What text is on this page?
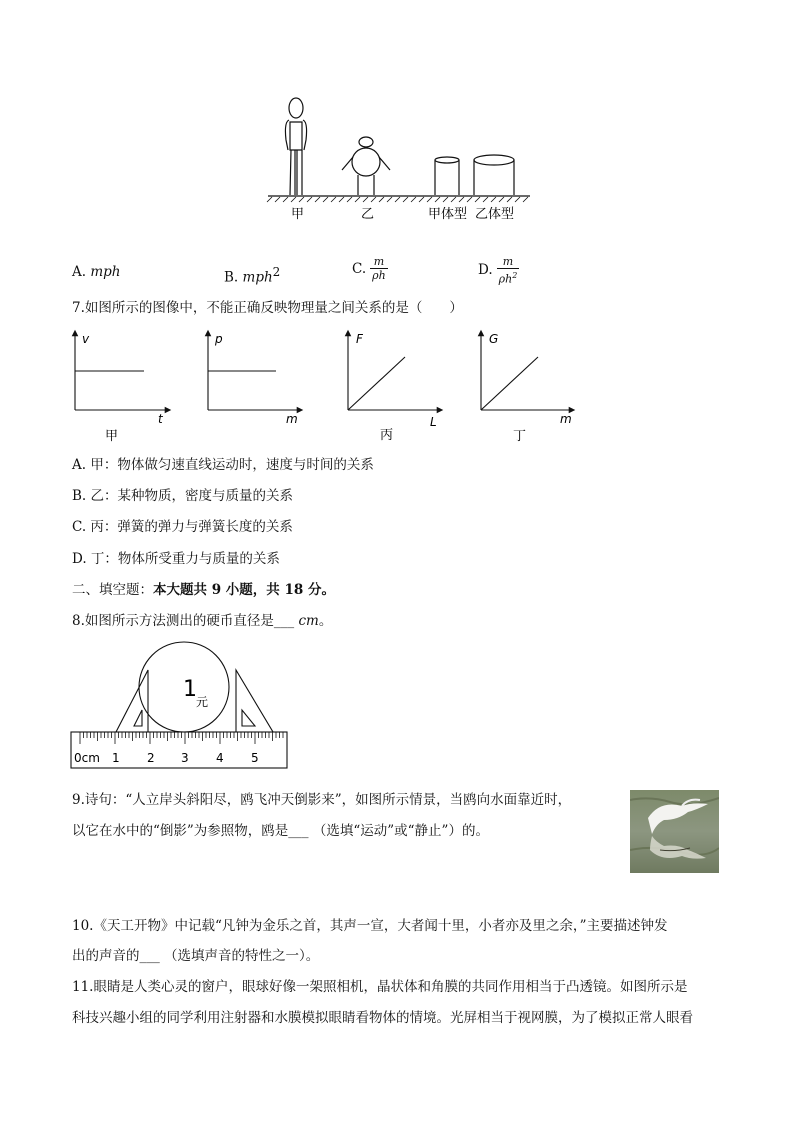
甲	乙	甲体型 乙体型
A. mph	B. mph$^2$	C. $\frac{m}{\rho h}$	D. $\frac{m}{\rho h^2}$
7.如图所示的图像中，不能正确反映物理量之间关系的是（　　）
v
t
甲
p
m
F
L
丙
G
m
丁
A. 甲：物体做匀速直线运动时，速度与时间的关系
B. 乙：某种物质，密度与质量的关系
C. 丙：弹簧的弹力与弹簧长度的关系
D. 丁：物体所受重力与质量的关系
二、填空题：本大题共 9 小题，共 18 分。
8.如图所示方法测出的硬币直径是___ cm。
1 元
0cm 1 2 3 4 5
9.诗句：“人立岸头斜阳尽，鸥飞冲天倒影来”，如图所示情景，当鸥向水面靠近时，
以它在水中的“倒影”为参照物，鸥是___ （选填“运动”或“静止”）的。
10.《天工开物》中记载“凡钟为金乐之首，其声一宣，大者闻十里，小者亦及里之余，”主要描述钟发
出的声音的___ （选填声音的特性之一）。
11.眼睛是人类心灵的窗户，眼球好像一架照相机，晶状体和角膜的共同作用相当于凸透镜。如图所示是
科技兴趣小组的同学利用注射器和水膜模拟眼睛看物体的情境。光屏相当于视网膜，为了模拟正常人眼看
